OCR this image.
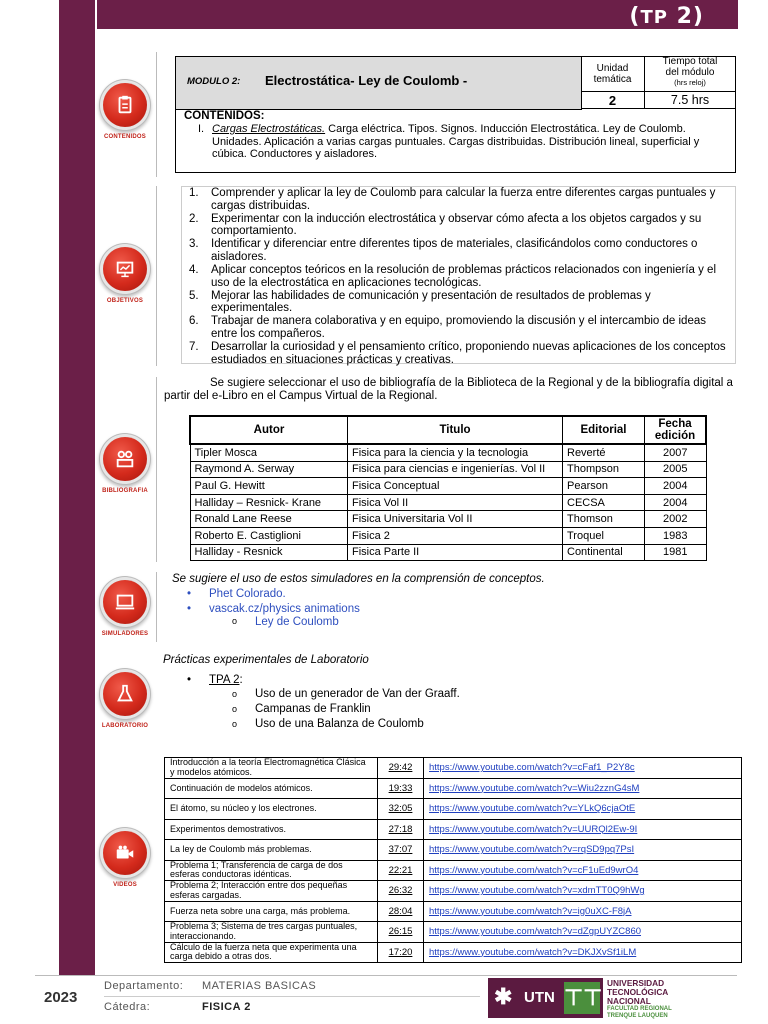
(TP 2)
CONTENIDOS
OBJETIVOS
BIBLIOGRAFIA
SIMULADORES
LABORATORIO
VIDEOS
MODULO 2: Electrostática- Ley de Coulomb -
Unidad
temática
2
Tiempo total
del módulo
(hrs reloj)
7.5 hrs
CONTENIDOS:
I. Cargas Electrostáticas. Carga eléctrica. Tipos. Signos. Inducción Electrostática. Ley de Coulomb. Unidades. Aplicación a varias cargas puntuales. Cargas distribuidas. Distribución lineal, superficial y cúbica. Conductores y aisladores.
1. Comprender y aplicar la ley de Coulomb para calcular la fuerza entre diferentes cargas puntuales y cargas distribuidas.
2. Experimentar con la inducción electrostática y observar cómo afecta a los objetos cargados y su comportamiento.
3. Identificar y diferenciar entre diferentes tipos de materiales, clasificándolos como conductores o aisladores.
4. Aplicar conceptos teóricos en la resolución de problemas prácticos relacionados con ingeniería y el uso de la electrostática en aplicaciones tecnológicas.
5. Mejorar las habilidades de comunicación y presentación de resultados de problemas y experimentales.
6. Trabajar de manera colaborativa y en equipo, promoviendo la discusión y el intercambio de ideas entre los compañeros.
7. Desarrollar la curiosidad y el pensamiento crítico, proponiendo nuevas aplicaciones de los conceptos estudiados en situaciones prácticas y creativas.
Se sugiere seleccionar el uso de bibliografía de la Biblioteca de la Regional y de la bibliografía digital a partir del e-Libro en el Campus Virtual de la Regional.
Autor	Titulo	Editorial	Fecha
edición
Tipler Mosca	Fisica para la ciencia y la tecnologia	Reverté	2007
Raymond A. Serway	Fisica para ciencias e ingenierías. Vol II	Thompson	2005
Paul G. Hewitt	Fisica Conceptual	Pearson	2004
Halliday – Resnick- Krane	Fisica Vol II	CECSA	2004
Ronald Lane Reese	Fisica Universitaria Vol II	Thomson	2002
Roberto E. Castiglioni	Fisica 2	Troquel	1983
Halliday - Resnick	Fisica Parte II	Continental	1981
Se sugiere el uso de estos simuladores en la comprensión de conceptos.
• Phet Colorado.
• vascak.cz/physics animations
o Ley de Coulomb
Prácticas experimentales de Laboratorio
• TPA 2:
o Uso de un generador de Van der Graaff.
o Campanas de Franklin
o Uso de una Balanza de Coulomb
Introducción a la teoría Electromagnética Clásica y modelos atómicos.	29:42	https://www.youtube.com/watch?v=cFaf1_P2Y8c
Continuación de modelos atómicos.	19:33	https://www.youtube.com/watch?v=Wiu2zznG4sM
El átomo, su núcleo y los electrones.	32:05	https://www.youtube.com/watch?v=YLkQ6cjaOtE
Experimentos demostrativos.	27:18	https://www.youtube.com/watch?v=UURQl2Ew-9I
La ley de Coulomb más problemas.	37:07	https://www.youtube.com/watch?v=rqSD9pq7PsI
Problema 1; Transferencia de carga de dos esferas conductoras idénticas.	22:21	https://www.youtube.com/watch?v=cF1uEd9wrO4
Problema 2; Interacción entre dos pequeñas esferas cargadas.	26:32	https://www.youtube.com/watch?v=xdmTT0Q9hWg
Fuerza neta sobre una carga, más problema.	28:04	https://www.youtube.com/watch?v=ig0uXC-F8jA
Problema 3; Sistema de tres cargas puntuales, interaccionando.	26:15	https://www.youtube.com/watch?v=dZgpUYZC860
Cálculo de la fuerza neta que experimenta una carga debido a otras dos.	17:20	https://www.youtube.com/watch?v=DKJXvSf1iLM
2023
Departamento: MATERIAS BASICAS
Cátedra:	FISICA 2	✱ UTN ⊤⊤
UNIVERSIDAD
TECNOLÓGICA
NACIONAL
FACULTAD REGIONAL
TRENQUE LAUQUEN
